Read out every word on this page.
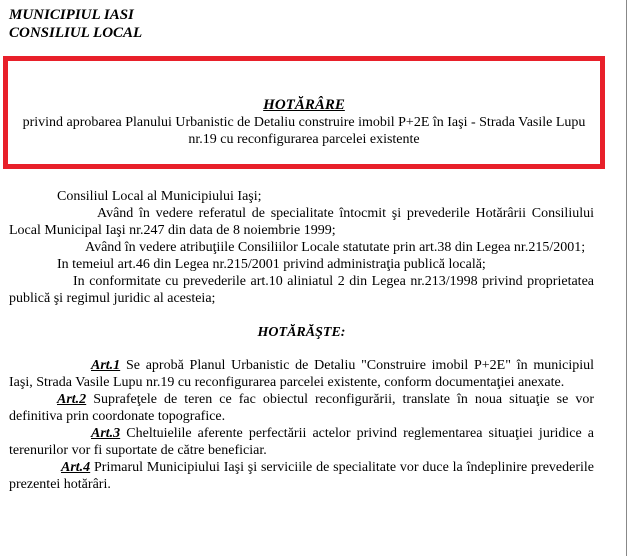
MUNICIPIUL IASI
CONSILIUL LOCAL
HOTĂRÂRE
privind aprobarea Planului Urbanistic de Detaliu construire imobil P+2E în Iaşi - Strada Vasile Lupu nr.19 cu reconfigurarea parcelei existente

Consiliul Local al Municipiului Iaşi;

Având în vedere referatul de specialitate întocmit şi prevederile Hotărârii Consiliului Local Municipal Iaşi nr.247 din data de 8 noiembrie 1999;

Având în vedere atribuţiile Consiliilor Locale statutate prin art.38 din Legea nr.215/2001;

In temeiul art.46 din Legea nr.215/2001 privind administraţia publică locală;

In conformitate cu prevederile art.10 aliniatul 2 din Legea nr.213/1998 privind proprietatea publică şi regimul juridic al acesteia;

HOTĂRĂŞTE:

Art.1 Se aprobă Planul Urbanistic de Detaliu "Construire imobil P+2E" în municipiul Iaşi, Strada Vasile Lupu nr.19 cu reconfigurarea parcelei existente, conform documentaţiei anexate.

Art.2 Suprafeţele de teren ce fac obiectul reconfigurării, translate în noua situaţie se vor definitiva prin coordonate topografice.

Art.3 Cheltuielile aferente perfectării actelor privind reglementarea situaţiei juridice a terenurilor vor fi suportate de către beneficiar.

Art.4 Primarul Municipiului Iaşi şi serviciile de specialitate vor duce la îndeplinire prevederile prezentei hotărâri.
